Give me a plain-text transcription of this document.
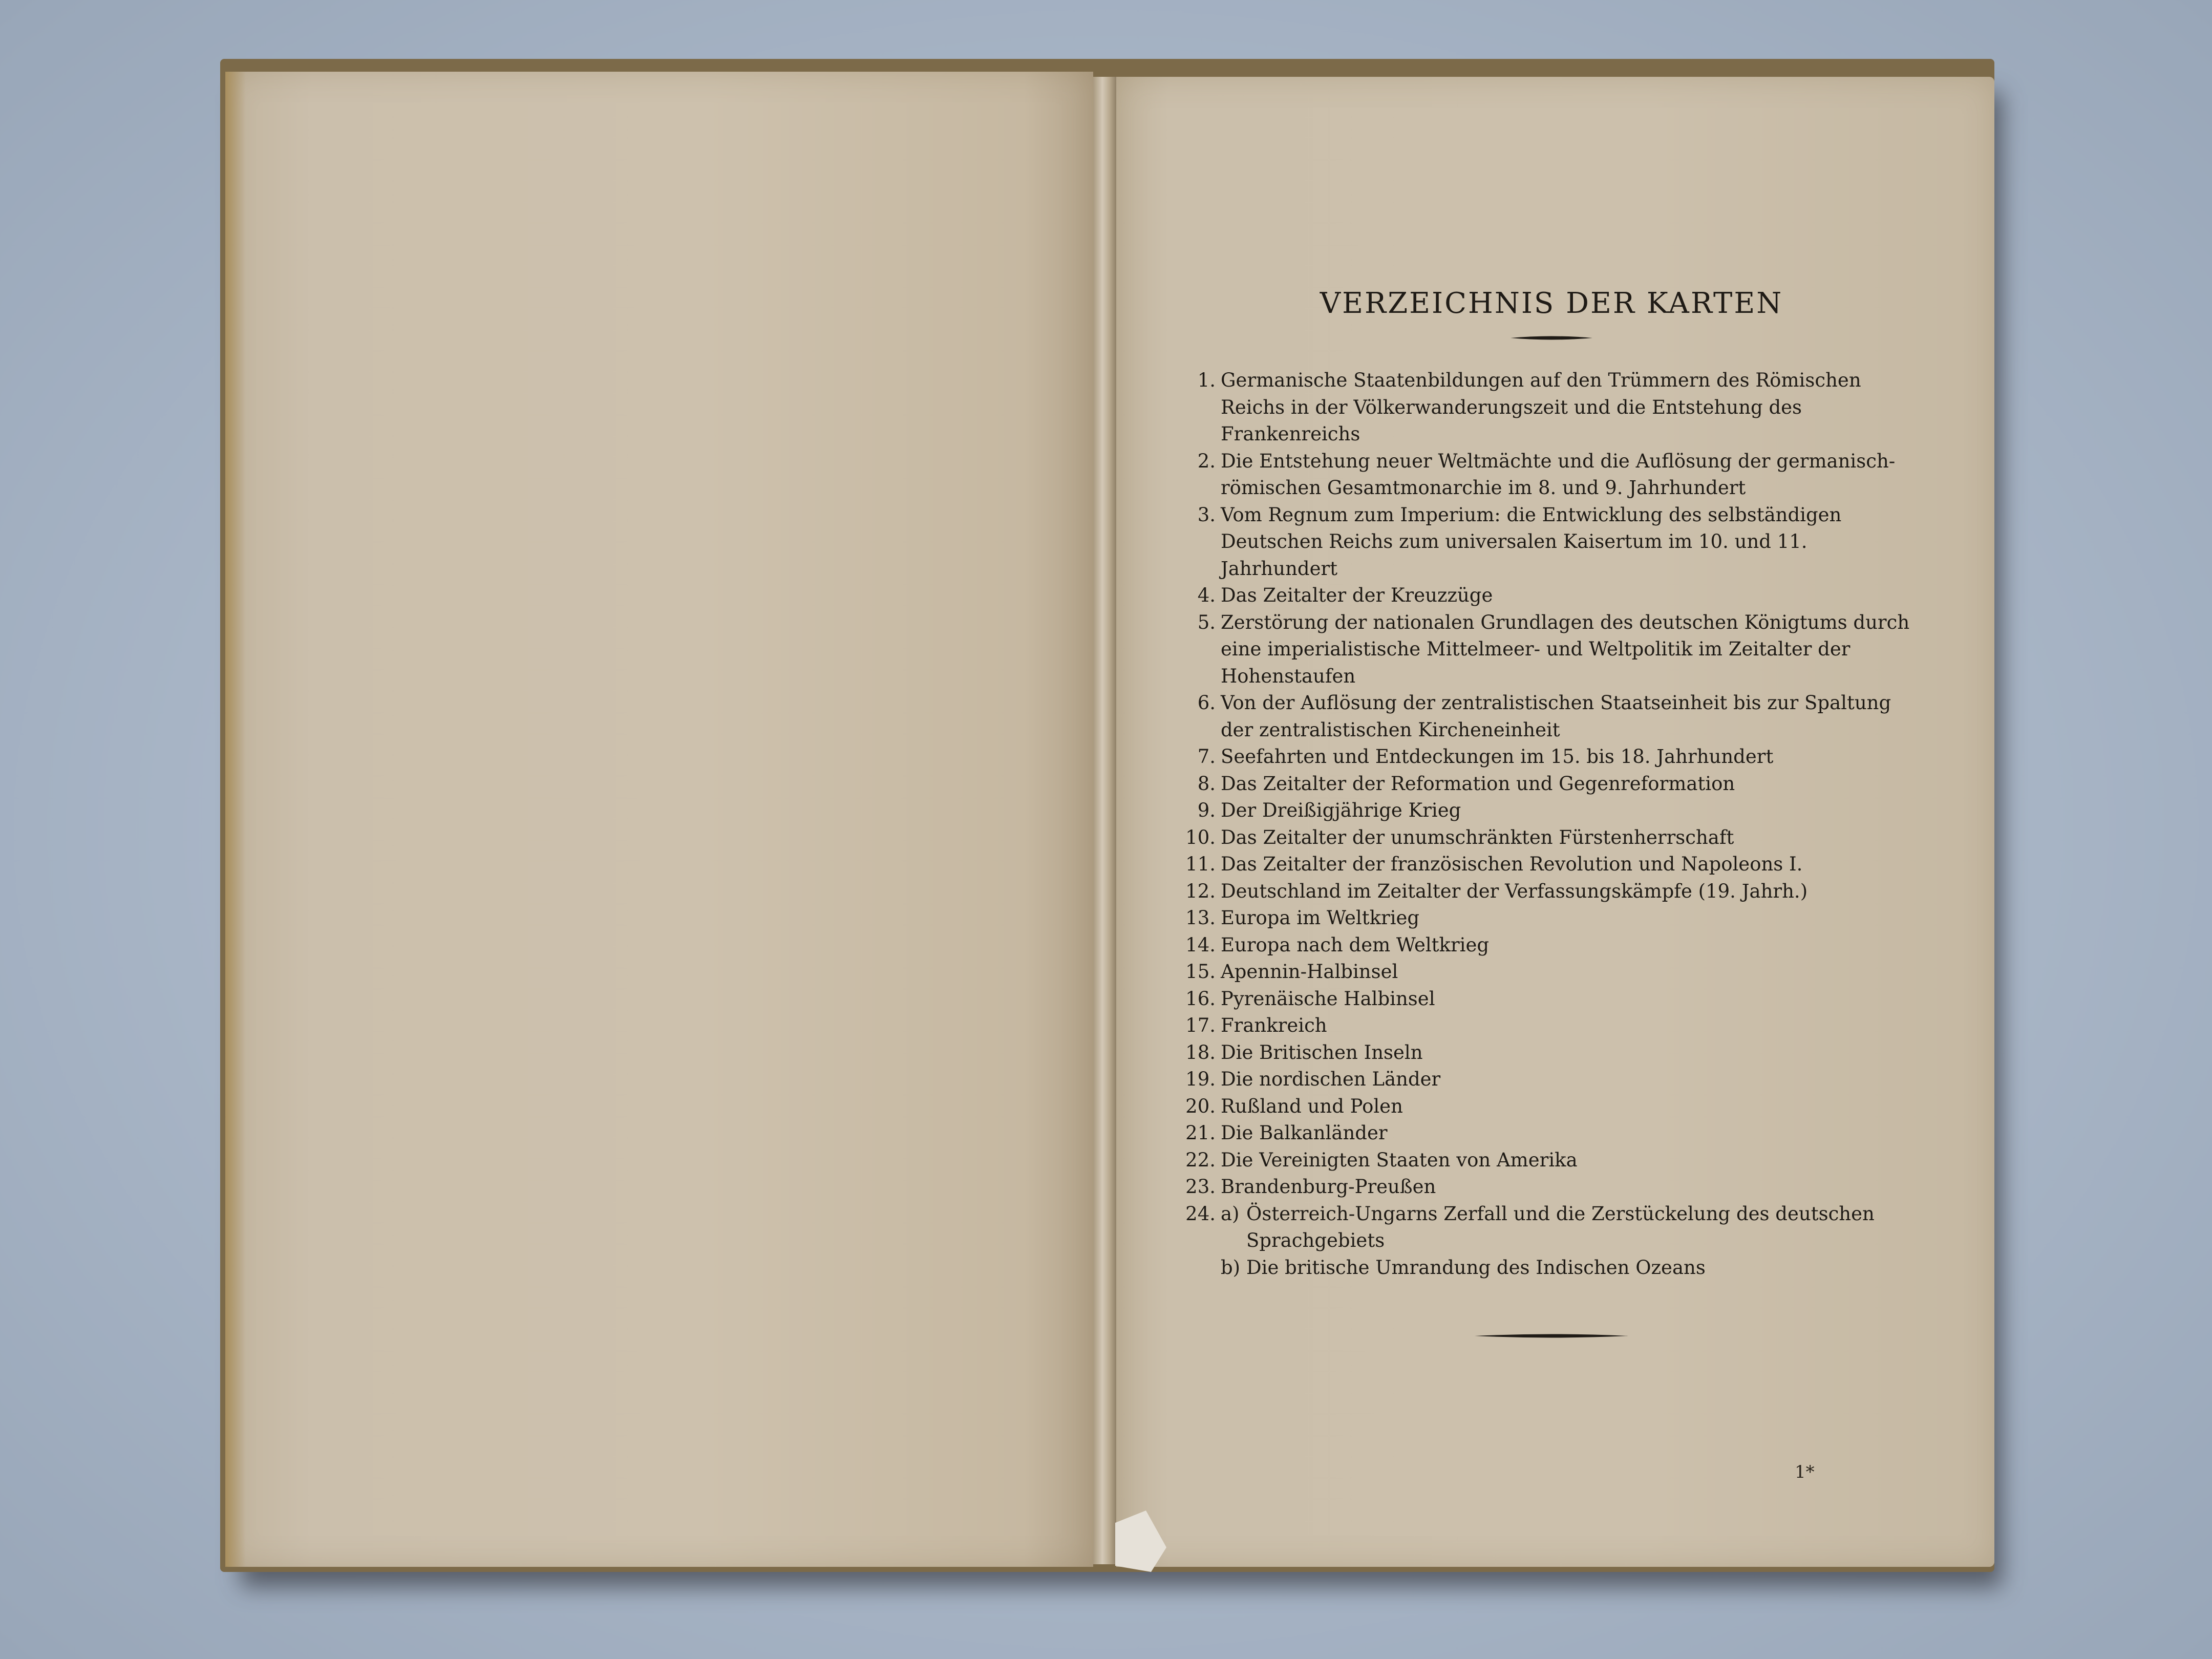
VERZEICHNIS DER KARTEN
1. Germanische Staatenbildungen auf den Trümmern des Römischen Reichs in der Völkerwanderungszeit und die Entstehung des Frankenreichs
2. Die Entstehung neuer Weltmächte und die Auflösung der germanisch-römischen Gesamtmonarchie im 8. und 9. Jahrhundert
3. Vom Regnum zum Imperium: die Entwicklung des selbständigen Deutschen Reichs zum universalen Kaisertum im 10. und 11. Jahrhundert
4. Das Zeitalter der Kreuzzüge
5. Zerstörung der nationalen Grundlagen des deutschen Königtums durch eine imperialistische Mittelmeer- und Weltpolitik im Zeitalter der Hohenstaufen
6. Von der Auflösung der zentralistischen Staatseinheit bis zur Spaltung der zentralistischen Kircheneinheit
7. Seefahrten und Entdeckungen im 15. bis 18. Jahrhundert
8. Das Zeitalter der Reformation und Gegenreformation
9. Der Dreißigjährige Krieg
10. Das Zeitalter der unumschränkten Fürstenherrschaft
11. Das Zeitalter der französischen Revolution und Napoleons I.
12. Deutschland im Zeitalter der Verfassungskämpfe (19. Jahrh.)
13. Europa im Weltkrieg
14. Europa nach dem Weltkrieg
15. Apennin-Halbinsel
16. Pyrenäische Halbinsel
17. Frankreich
18. Die Britischen Inseln
19. Die nordischen Länder
20. Rußland und Polen
21. Die Balkanländer
22. Die Vereinigten Staaten von Amerika
23. Brandenburg-Preußen
24. a) Österreich-Ungarns Zerfall und die Zerstückelung des deutschen Sprachgebiets
b) Die britische Umrandung des Indischen Ozeans
1*
